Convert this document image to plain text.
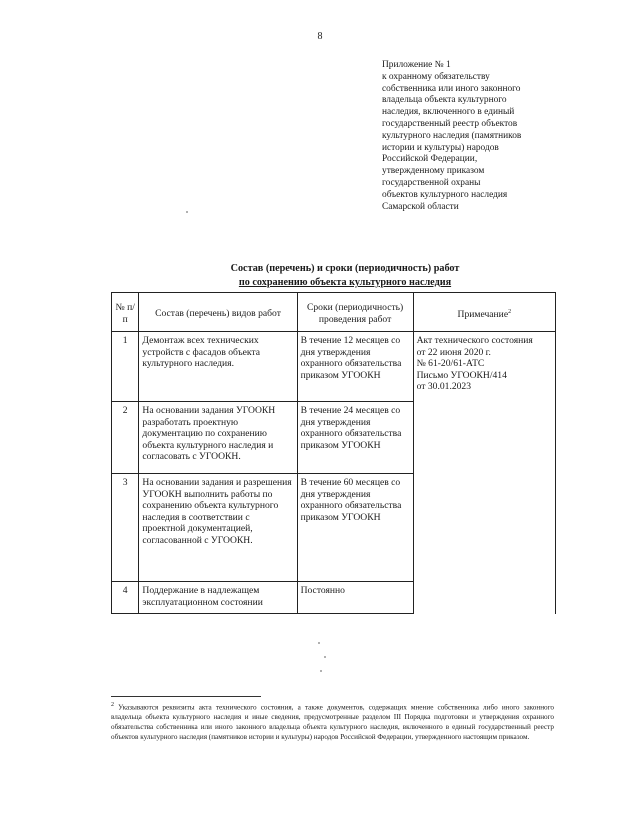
8
Приложение № 1
к охранному обязательству
собственника или иного законного
владельца объекта культурного
наследия, включенного в единый
государственный реестр объектов
культурного наследия (памятников
истории и культуры) народов
Российской Федерации,
утвержденному приказом
государственной охраны
объектов культурного наследия
Самарской области
Состав (перечень) и сроки (периодичность) работ
по сохранению объекта культурного наследия
№ п/п	Состав (перечень) видов работ	Сроки (периодичность) проведения работ	Примечание$^2$
1	Демонтаж всех технических устройств с фасадов объекта культурного наследия.	В течение 12 месяцев со дня утверждения охранного обязательства приказом УГООКН	Акт технического состояния
от 22 июня 2020 г.
№ 61-20/61-АТС
Письмо УГООКН/414
от 30.01.2023

2	На основании задания УГООКН разработать проектную документацию по сохранению объекта культурного наследия и согласовать с УГООКН.	В течение 24 месяцев со дня утверждения охранного обязательства приказом УГООКН	
3	На основании задания и разрешения УГООКН выполнить работы по сохранению объекта культурного наследия в соответствии с проектной документацией, согласованной с УГООКН.	В течение 60 месяцев со дня утверждения охранного обязательства приказом УГООКН	
4	Поддержание в надлежащем эксплуатационном состоянии	Постоянно	
$^2$ Указываются реквизиты акта технического состояния, а также документов, содержащих мнение собственника либо иного законного владельца объекта культурного наследия и иные сведения, предусмотренные разделом III Порядка подготовки и утверждения охранного обязательства собственника или иного законного владельца объекта культурного наследия, включенного в единый государственный реестр объектов культурного наследия (памятников истории и культуры) народов Российской Федерации, утвержденного настоящим приказом.
